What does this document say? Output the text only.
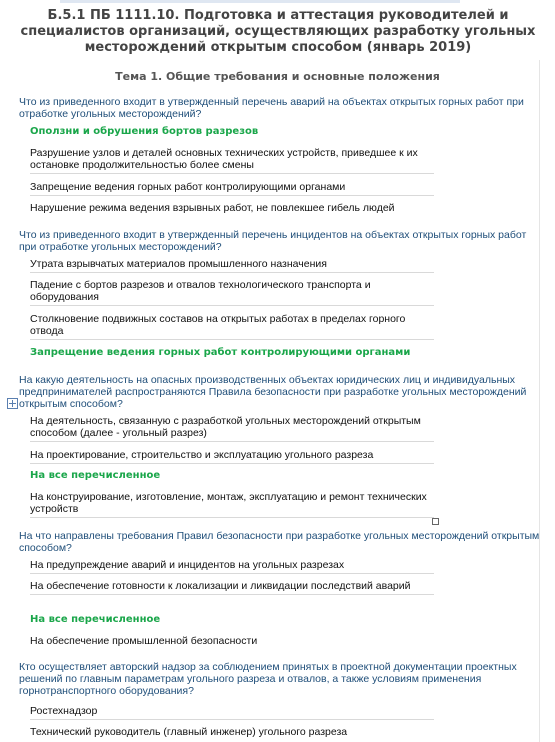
Б.5.1 ПБ 1111.10. Подготовка и аттестация руководителей и специалистов организаций, осуществляющих разработку угольных месторождений открытым способом (январь 2019)
Тема 1. Общие требования и основные положения
Что из приведенного входит в утвержденный перечень аварий на объектах открытых горных работ при отработке угольных месторождений?
Оползни и обрушения бортов разрезов
Разрушение узлов и деталей основных технических устройств, приведшее к их остановке продолжительностью более смены
Запрещение ведения горных работ контролирующими органами
Нарушение режима ведения взрывных работ, не повлекшее гибель людей
Что из приведенного входит в утвержденный перечень инцидентов на объектах открытых горных работ при отработке угольных месторождений?
Утрата взрывчатых материалов промышленного назначения
Падение с бортов разрезов и отвалов технологического транспорта и оборудования
Столкновение подвижных составов на открытых работах в пределах горного отвода
Запрещение ведения горных работ контролирующими органами
На какую деятельность на опасных производственных объектах юридических лиц и индивидуальных предпринимателей распространяются Правила безопасности при разработке угольных месторождений открытым способом?
На деятельность, связанную с разработкой угольных месторождений открытым способом (далее - угольный разрез)
На проектирование, строительство и эксплуатацию угольного разреза
На все перечисленное
На конструирование, изготовление, монтаж, эксплуатацию и ремонт технических устройств
На что направлены требования Правил безопасности при разработке угольных месторождений открытым способом?
На предупреждение аварий и инцидентов на угольных разрезах
На обеспечение готовности к локализации и ликвидации последствий аварий
На все перечисленное
На обеспечение промышленной безопасности
Кто осуществляет авторский надзор за соблюдением принятых в проектной документации проектных решений по главным параметрам угольного разреза и отвалов, а также условиям применения горнотранспортного оборудования?
Ростехнадзор
Технический руководитель (главный инженер) угольного разреза
